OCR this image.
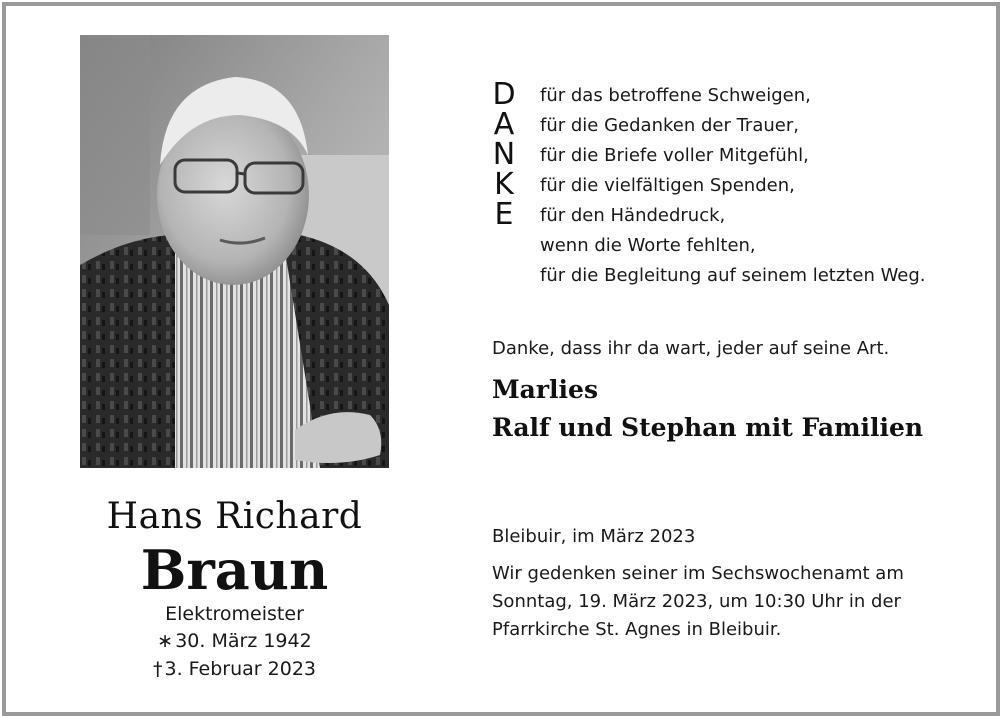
Hans Richard
Braun
Elektromeister
∗ 30. März 1942
† 3. Februar 2023
D
A
N
K
E
für das betroffene Schweigen,
für die Gedanken der Trauer,
für die Briefe voller Mitgefühl,
für die vielfältigen Spenden,
für den Händedruck,
wenn die Worte fehlten,
für die Begleitung auf seinem letzten Weg.
Danke, dass ihr da wart, jeder auf seine Art.
Marlies
Ralf und Stephan mit Familien
Bleibuir, im März 2023
Wir gedenken seiner im Sechswochenamt am
Sonntag, 19. März 2023, um 10:30 Uhr in der
Pfarrkirche St. Agnes in Bleibuir.
